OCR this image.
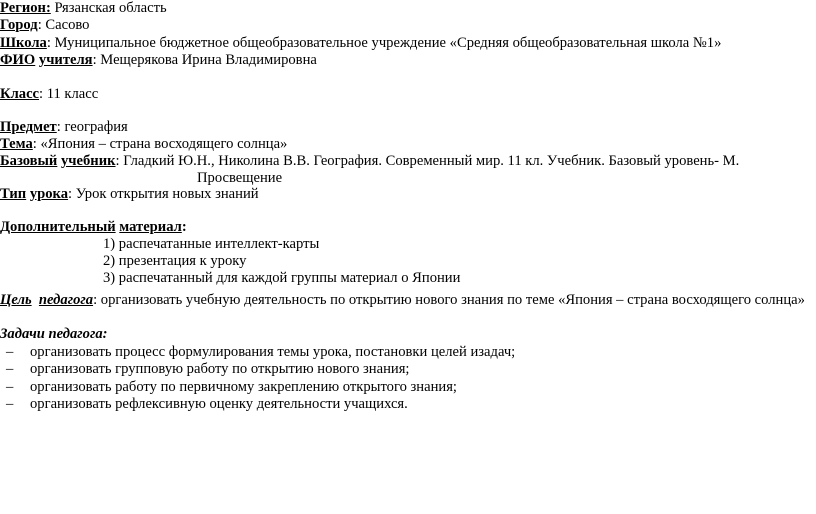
Регион: Рязанская область
Город: Сасово
Школа: Муниципальное бюджетное общеобразовательное учреждение «Средняя общеобразовательная школа №1»
ФИО учителя: Мещерякова Ирина Владимировна
Класс: 11 класс
Предмет: география
Тема: «Япония – страна восходящего солнца»
Базовый учебник: Гладкий Ю.Н., Николина В.В. География. Современный мир. 11 кл. Учебник. Базовый уровень- М.
Просвещение
Тип урока: Урок открытия новых знаний
Дополнительный материал:
1) распечатанные интеллект-карты
2) презентация к уроку
3) распечатанный для каждой группы материал о Японии
Цель педагога: организовать учебную деятельность по открытию нового знания по теме «Япония – страна восходящего солнца»
Задачи педагога:
– организовать процесс формулирования темы урока, постановки целей изадач;
– организовать групповую работу по открытию нового знания;
– организовать работу по первичному закреплению открытого знания;
– организовать рефлексивную оценку деятельности учащихся.
